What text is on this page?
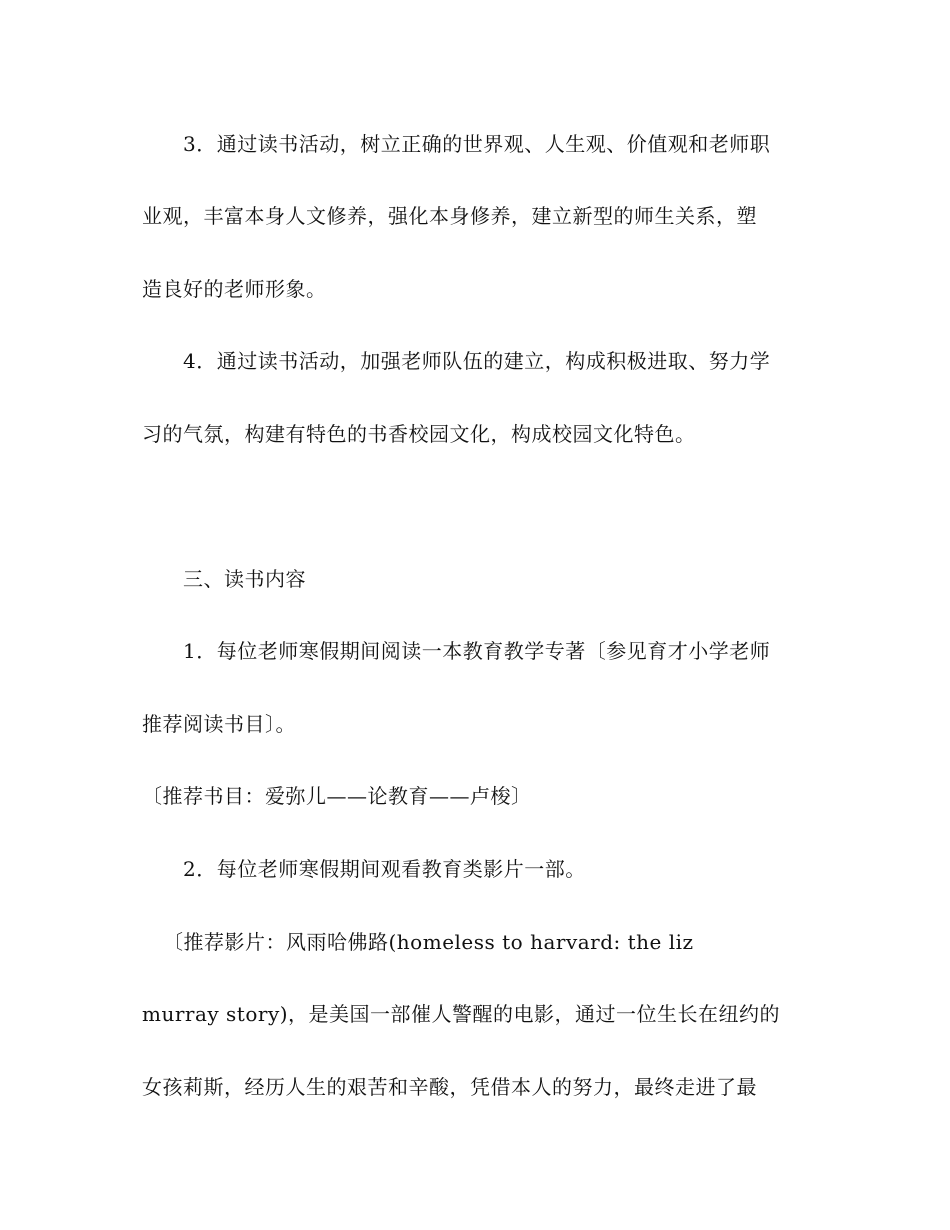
3．通过读书活动，树立正确的世界观、人生观、价值观和老师职
业观，丰富本身人文修养，强化本身修养，建立新型的师生关系，塑
造良好的老师形象。
4．通过读书活动，加强老师队伍的建立，构成积极进取、努力学
习的气氛，构建有特色的书香校园文化，构成校园文化特色。
三、读书内容
1．每位老师寒假期间阅读一本教育教学专著〔参见育才小学老师
推荐阅读书目〕。
〔推荐书目：爱弥儿——论教育——卢梭〕
2．每位老师寒假期间观看教育类影片一部。
〔推荐影片：风雨哈佛路(homeless to harvard: the liz
murray story)，是美国一部催人警醒的电影，通过一位生长在纽约的
女孩莉斯，经历人生的艰苦和辛酸，凭借本人的努力，最终走进了最
